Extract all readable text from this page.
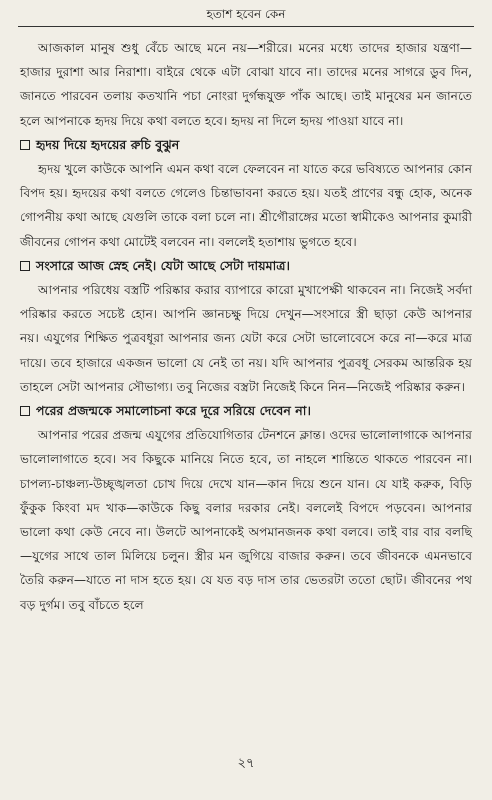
হতাশ হবেন কেন

আজকাল মানুষ শুধু বেঁচে আছে মনে নয়—শরীরে। মনের মধ্যে তাদের হাজার যন্ত্রণা—হাজার দুরাশা আর নিরাশা। বাইরে থেকে এটা বোঝা যাবে না। তাদের মনের সাগরে ডুব দিন, জানতে পারবেন তলায় কতখানি পচা নোংরা দুর্গন্ধযুক্ত পাঁক আছে। তাই মানুষের মন জানতে হলে আপনাকে হৃদয় দিয়ে কথা বলতে হবে। হৃদয় না দিলে হৃদয় পাওয়া যাবে না।

হৃদয় দিয়ে হৃদয়ের রুচি বুঝুন

হৃদয় খুলে কাউকে আপনি এমন কথা বলে ফেলবেন না যাতে করে ভবিষ্যতে আপনার কোন বিপদ হয়। হৃদয়ের কথা বলতে গেলেও চিন্তাভাবনা করতে হয়। যতই প্রাণের বন্ধু হোক, অনেক গোপনীয় কথা আছে যেগুলি তাকে বলা চলে না। শ্রীগৌরাঙ্গের মতো স্বামীকেও আপনার কুমারী জীবনের গোপন কথা মোটেই বলবেন না। বললেই হতাশায় ভুগতে হবে।

সংসারে আজ স্নেহ নেই। যেটা আছে সেটা দায়মাত্র।

আপনার পরিধেয় বস্ত্রটি পরিষ্কার করার ব্যাপারে কারো মুখাপেক্ষী থাকবেন না। নিজেই সর্বদা পরিষ্কার করতে সচেষ্ট হোন। আপনি জ্ঞানচক্ষু দিয়ে দেখুন—সংসারে স্ত্রী ছাড়া কেউ আপনার নয়। এযুগের শিক্ষিত পুত্রবধূরা আপনার জন্য যেটা করে সেটা ভালোবেসে করে না—করে মাত্র দায়ে। তবে হাজারে একজন ভালো যে নেই তা নয়। যদি আপনার পুত্রবধূ সেরকম আন্তরিক হয় তাহলে সেটা আপনার সৌভাগ্য। তবু নিজের বস্ত্রটা নিজেই কিনে নিন—নিজেই পরিষ্কার করুন।

পরের প্রজন্মকে সমালোচনা করে দূরে সরিয়ে দেবেন না।

আপনার পরের প্রজন্ম এযুগের প্রতিযোগিতার টেনশনে ক্লান্ত। ওদের ভালোলাগাকে আপনার ভালোলাগাতে হবে। সব কিছুকে মানিয়ে নিতে হবে, তা নাহলে শান্তিতে থাকতে পারবেন না। চাপল্য-চাঞ্চল্য-উচ্ছৃঙ্খলতা চোখ দিয়ে দেখে যান—কান দিয়ে শুনে যান। যে যাই করুক, বিড়ি ফুঁকুক কিংবা মদ খাক—কাউকে কিছু বলার দরকার নেই। বললেই বিপদে পড়বেন। আপনার ভালো কথা কেউ নেবে না। উলটে আপনাকেই অপমানজনক কথা বলবে। তাই বার বার বলছি—যুগের সাথে তাল মিলিয়ে চলুন। স্ত্রীর মন জুগিয়ে বাজার করুন। তবে জীবনকে এমনভাবে তৈরি করুন—যাতে না দাস হতে হয়। যে যত বড় দাস তার ভেতরটা ততো ছোট। জীবনের পথ বড় দুর্গম। তবু বাঁচতে হলে

২৭
